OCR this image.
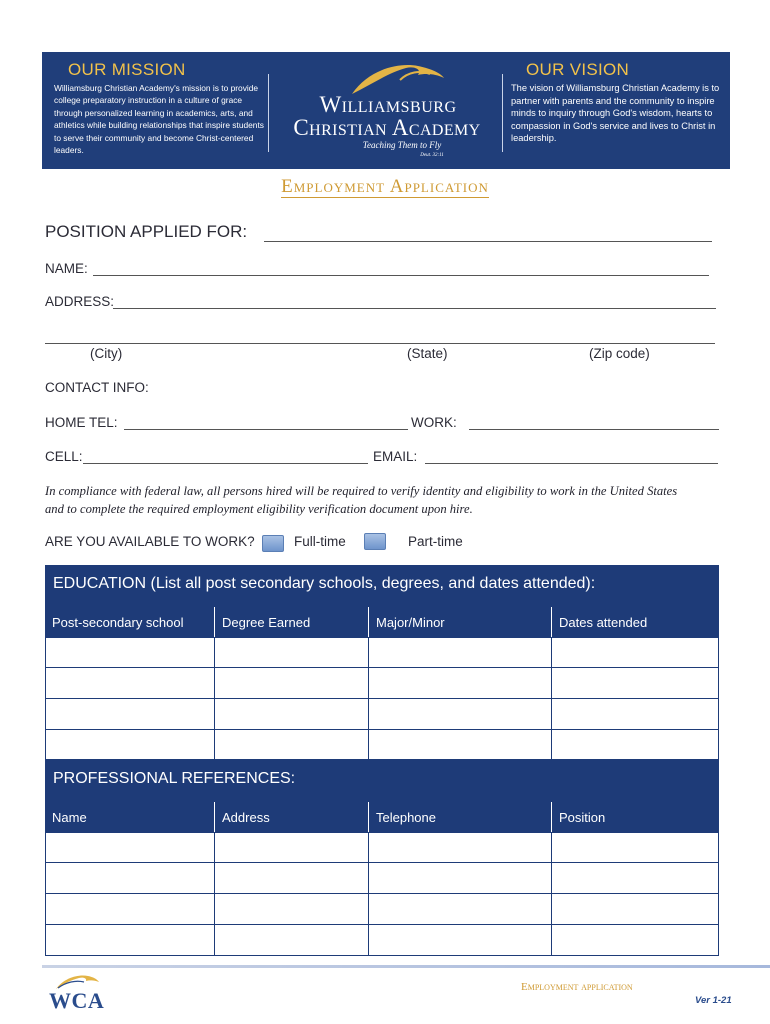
OUR MISSION
Williamsburg Christian Academy's mission is to provide college preparatory instruction in a culture of grace through personalized learning in academics, arts, and athletics while building relationships that inspire students to serve their community and become Christ-centered leaders.
Williamsburg
Christian Academy
Teaching Them to Fly
Deut. 32:11
OUR VISION
The vision of Williamsburg Christian Academy is to partner with parents and the community to inspire minds to inquiry through God's wisdom, hearts to compassion in God's service and lives to Christ in leadership.
Employment Application
POSITION APPLIED FOR:
NAME:
ADDRESS:
(City)	(State)	(Zip code)
CONTACT INFO:
HOME TEL:	WORK:
CELL:	EMAIL:
In compliance with federal law, all persons hired will be required to verify identity and eligibility to work in the United States
and to complete the required employment eligibility verification document upon hire.
ARE YOU AVAILABLE TO WORK?	Full-time	Part-time
EDUCATION (List all post secondary schools, degrees, and dates attended):
Post-secondary school	Degree Earned	Major/Minor	Dates attended
PROFESSIONAL REFERENCES:
Name	Address	Telephone	Position
WCA
Employment application
Ver 1-21
